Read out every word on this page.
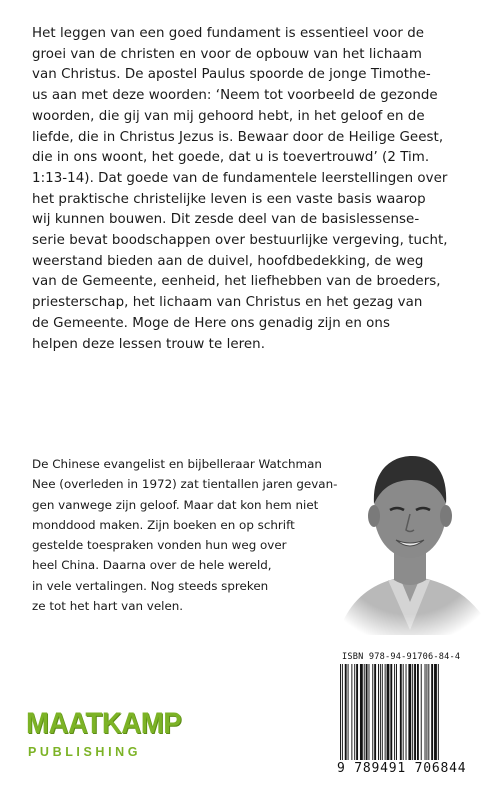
Het leggen van een goed fundament is essentieel voor de
groei van de christen en voor de opbouw van het lichaam
van Christus. De apostel Paulus spoorde de jonge Timothe-
us aan met deze woorden: ‘Neem tot voorbeeld de gezonde
woorden, die gij van mij gehoord hebt, in het geloof en de
liefde, die in Christus Jezus is. Bewaar door de Heilige Geest,
die in ons woont, het goede, dat u is toevertrouwd’ (2 Tim.
1:13-14). Dat goede van de fundamentele leerstellingen over
het praktische christelijke leven is een vaste basis waarop
wij kunnen bouwen. Dit zesde deel van de basislessense-
serie bevat boodschappen over bestuurlijke vergeving, tucht,
weerstand bieden aan de duivel, hoofdbedekking, de weg
van de Gemeente, eenheid, het liefhebben van de broeders,
priesterschap, het lichaam van Christus en het gezag van
de Gemeente. Moge de Here ons genadig zijn en ons
helpen deze lessen trouw te leren.
De Chinese evangelist en bijbelleraar Watchman
Nee (overleden in 1972) zat tientallen jaren gevan-
gen vanwege zijn geloof. Maar dat kon hem niet
monddood maken. Zijn boeken en op schrift
gestelde toespraken vonden hun weg over
heel China. Daarna over de hele wereld,
in vele vertalingen. Nog steeds spreken
ze tot het hart van velen.
ISBN 978-94-91706-84-4
9 789491 706844
MAATKAMP
PUBLISHING
